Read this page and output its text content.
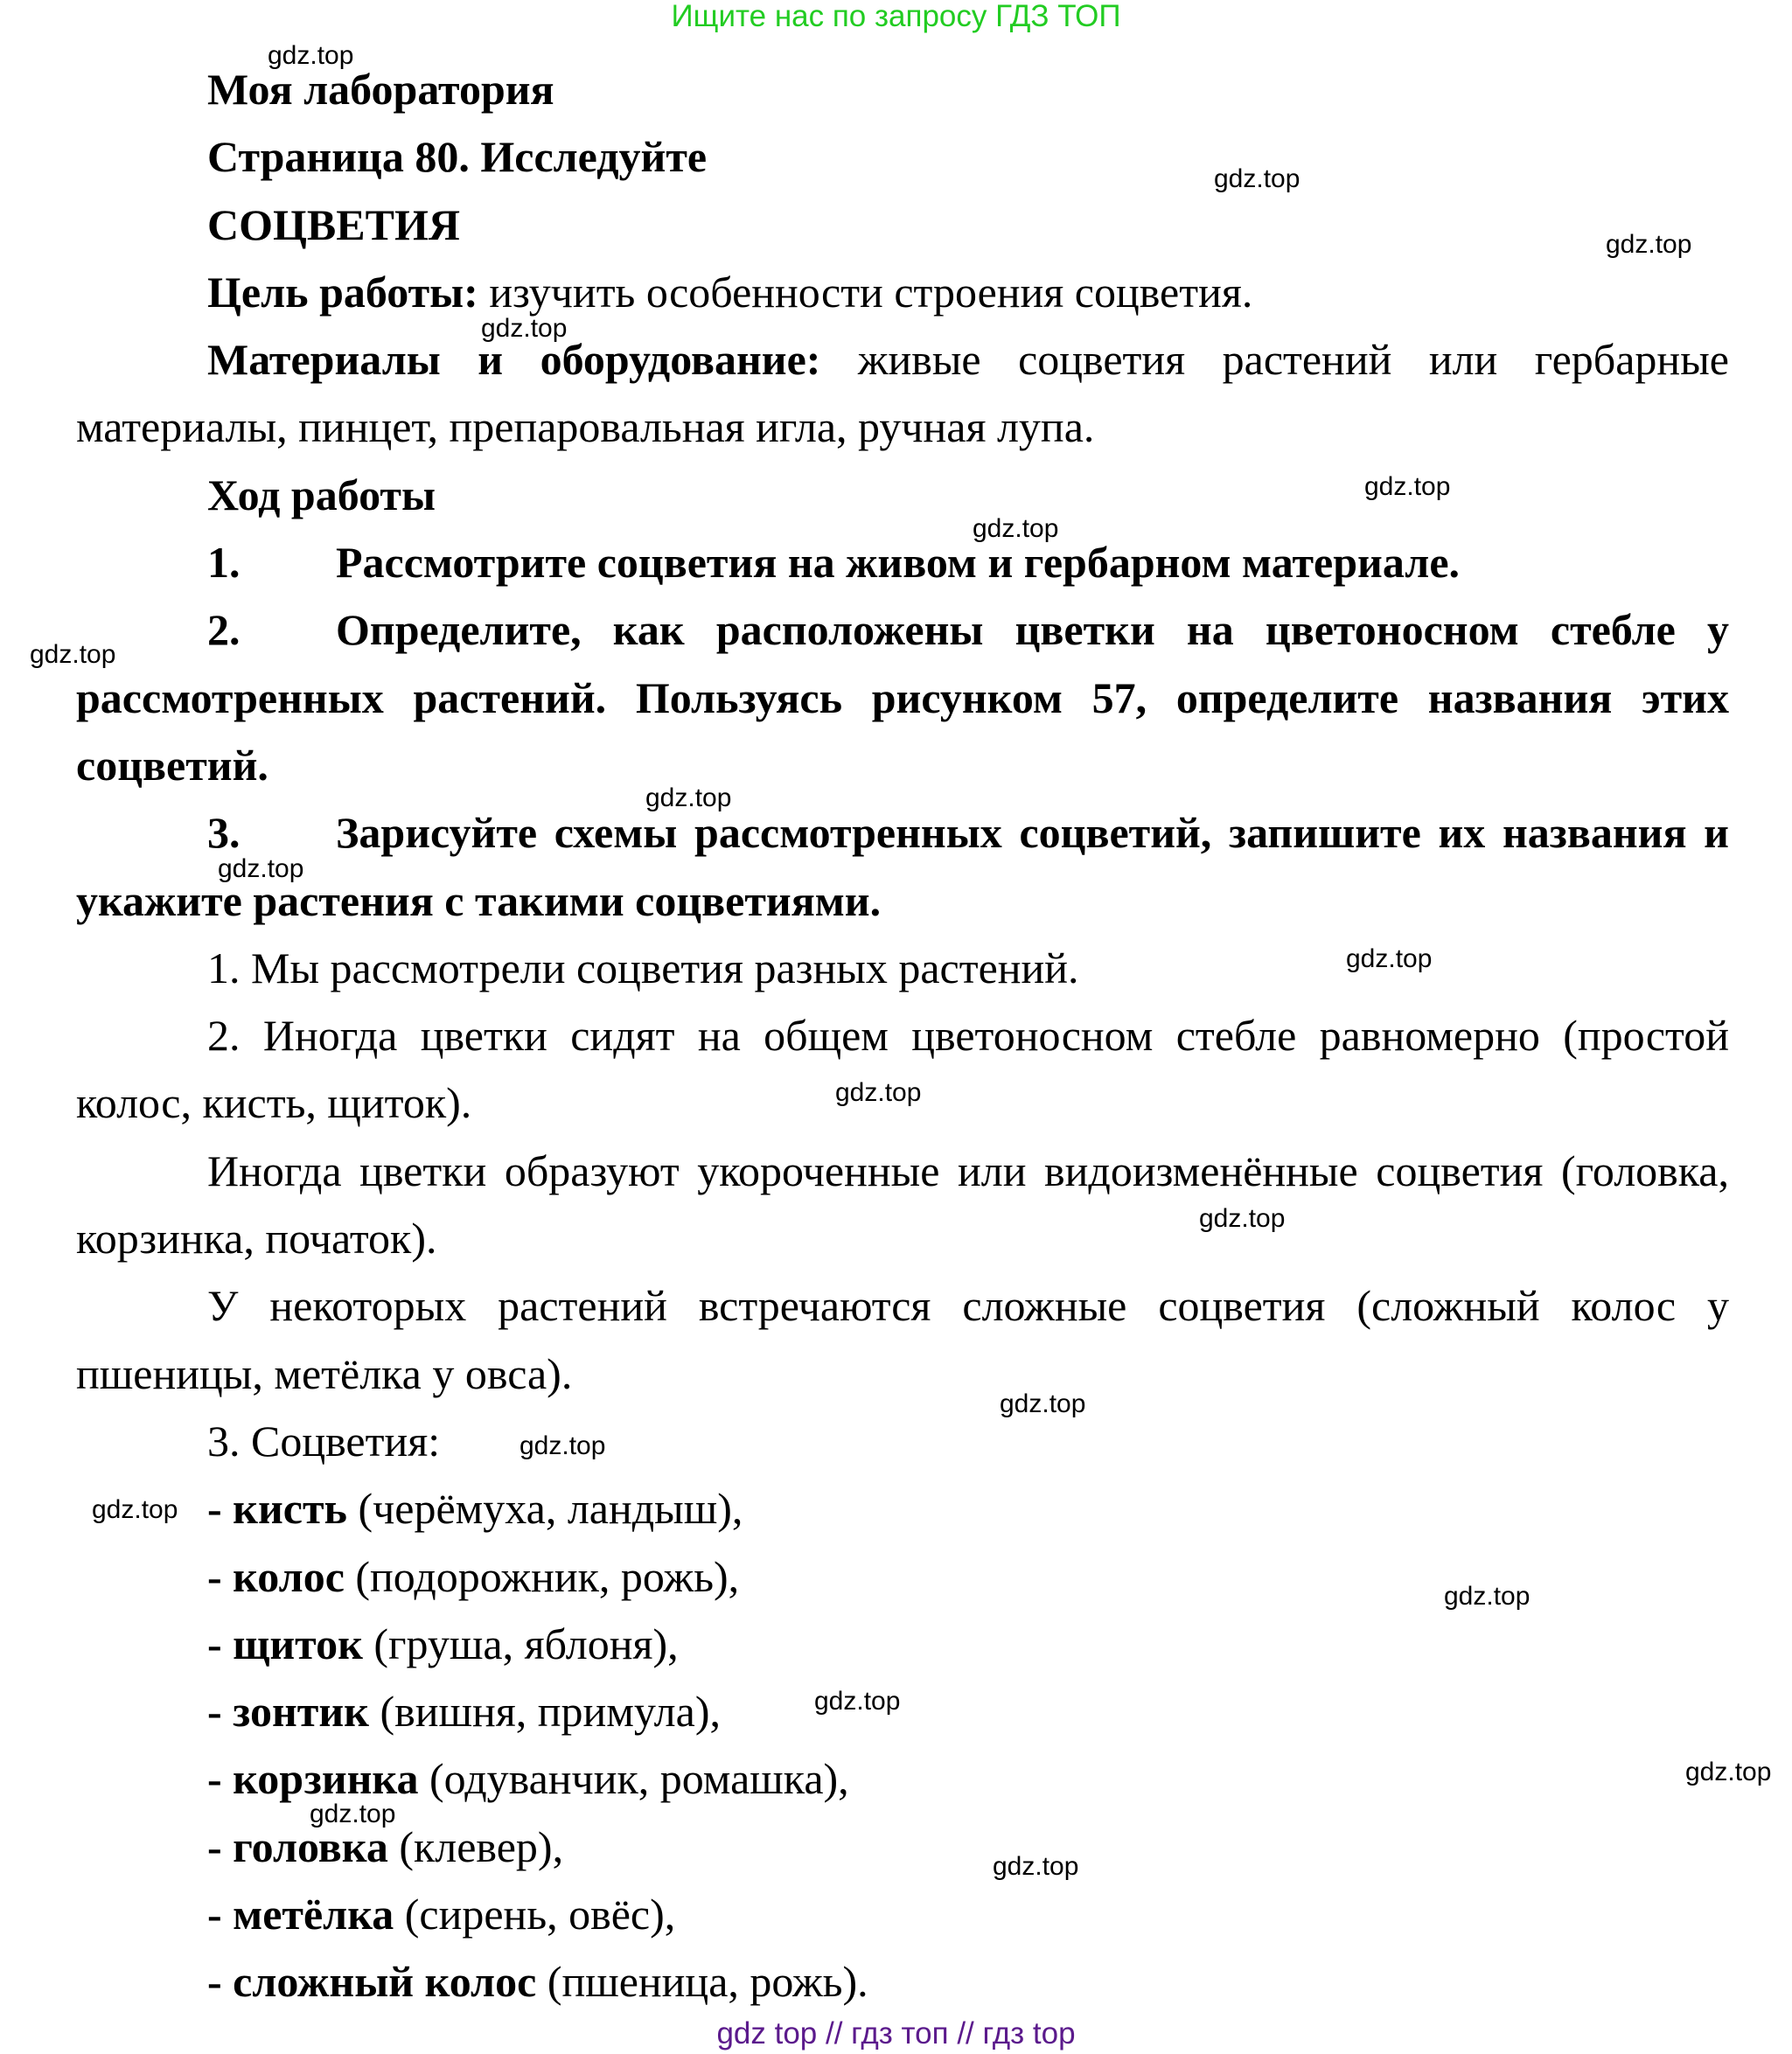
Ищите нас по запросу ГДЗ ТОП

Моя лаборатория

Страница 80. Исследуйте

СОЦВЕТИЯ

Цель работы: изучить особенности строения соцветия.

Материалы и оборудование: живые соцветия растений или гербарные материалы, пинцет, препаровальная игла, ручная лупа.

Ход работы

1. Рассмотрите соцветия на живом и гербарном материале.

2. Определите, как расположены цветки на цветоносном стебле у рассмотренных растений. Пользуясь рисунком 57, определите названия этих соцветий.

3. Зарисуйте схемы рассмотренных соцветий, запишите их названия и укажите растения с такими соцветиями.

1. Мы рассмотрели соцветия разных растений.

2. Иногда цветки сидят на общем цветоносном стебле равномерно (простой колос, кисть, щиток).

Иногда цветки образуют укороченные или видоизменённые соцветия (головка, корзинка, початок).

У некоторых растений встречаются сложные соцветия (сложный колос у пшеницы, метёлка у овса).

3. Соцветия:

- кисть (черёмуха, ландыш),

- колос (подорожник, рожь),

- щиток (груша, яблоня),

- зонтик (вишня, примула),

- корзинка (одуванчик, ромашка),

- головка (клевер),

- метёлка (сирень, овёс),

- сложный колос (пшеница, рожь).

gdz.top
gdz.top
gdz.top
gdz.top
gdz.top
gdz.top
gdz.top
gdz.top
gdz.top
gdz.top
gdz.top
gdz.top
gdz.top
gdz.top
gdz.top
gdz.top
gdz.top
gdz.top
gdz.top
gdz.top
gdz top // гдз топ // гдз top
